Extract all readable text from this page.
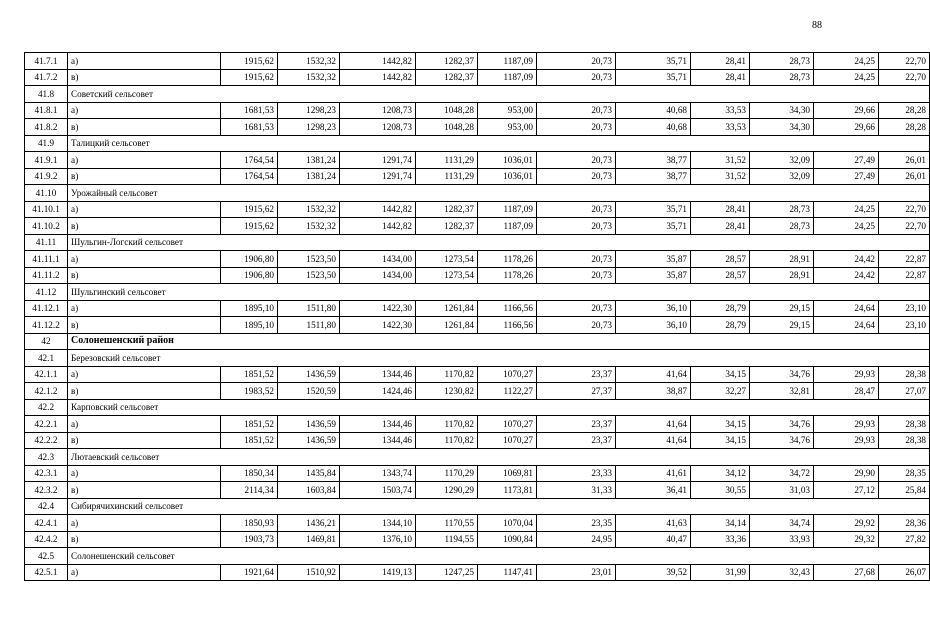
88
41.7.1	а)	1915,62	1532,32	1442,82	1282,37	1187,09	20,73	35,71	28,41	28,73	24,25	22,70
41.7.2	в)	1915,62	1532,32	1442,82	1282,37	1187,09	20,73	35,71	28,41	28,73	24,25	22,70
41.8	Советский сельсовет											
41.8.1	а)	1681,53	1298,23	1208,73	1048,28	953,00	20,73	40,68	33,53	34,30	29,66	28,28
41.8.2	в)	1681,53	1298,23	1208,73	1048,28	953,00	20,73	40,68	33,53	34,30	29,66	28,28
41.9	Талицкий сельсовет											
41.9.1	а)	1764,54	1381,24	1291,74	1131,29	1036,01	20,73	38,77	31,52	32,09	27,49	26,01
41.9.2	в)	1764,54	1381,24	1291,74	1131,29	1036,01	20,73	38,77	31,52	32,09	27,49	26,01
41.10	Урожайный сельсовет											
41.10.1	а)	1915,62	1532,32	1442,82	1282,37	1187,09	20,73	35,71	28,41	28,73	24,25	22,70
41.10.2	в)	1915,62	1532,32	1442,82	1282,37	1187,09	20,73	35,71	28,41	28,73	24,25	22,70
41.11	Шульгин-Логский сельсовет											
41.11.1	а)	1906,80	1523,50	1434,00	1273,54	1178,26	20,73	35,87	28,57	28,91	24,42	22,87
41.11.2	в)	1906,80	1523,50	1434,00	1273,54	1178,26	20,73	35,87	28,57	28,91	24,42	22,87
41.12	Шульгинский сельсовет											
41.12.1	а)	1895,10	1511,80	1422,30	1261,84	1166,56	20,73	36,10	28,79	29,15	24,64	23,10
41.12.2	в)	1895,10	1511,80	1422,30	1261,84	1166,56	20,73	36,10	28,79	29,15	24,64	23,10
42	Солонешенский район											
42.1	Березовский сельсовет											
42.1.1	а)	1851,52	1436,59	1344,46	1170,82	1070,27	23,37	41,64	34,15	34,76	29,93	28,38
42.1.2	в)	1983,52	1520,59	1424,46	1230,82	1122,27	27,37	38,87	32,27	32,81	28,47	27,07
42.2	Карповский сельсовет											
42.2.1	а)	1851,52	1436,59	1344,46	1170,82	1070,27	23,37	41,64	34,15	34,76	29,93	28,38
42.2.2	в)	1851,52	1436,59	1344,46	1170,82	1070,27	23,37	41,64	34,15	34,76	29,93	28,38
42.3	Лютаевский сельсовет											
42.3.1	а)	1850,34	1435,84	1343,74	1170,29	1069,81	23,33	41,61	34,12	34,72	29,90	28,35
42.3.2	в)	2114,34	1603,84	1503,74	1290,29	1173,81	31,33	36,41	30,55	31,03	27,12	25,84
42.4	Сибирячихинский сельсовет											
42.4.1	а)	1850,93	1436,21	1344,10	1170,55	1070,04	23,35	41,63	34,14	34,74	29,92	28,36
42.4.2	в)	1903,73	1469,81	1376,10	1194,55	1090,84	24,95	40,47	33,36	33,93	29,32	27,82
42.5	Солонешенский сельсовет											
42.5.1	а)	1921,64	1510,92	1419,13	1247,25	1147,41	23,01	39,52	31,99	32,43	27,68	26,07
